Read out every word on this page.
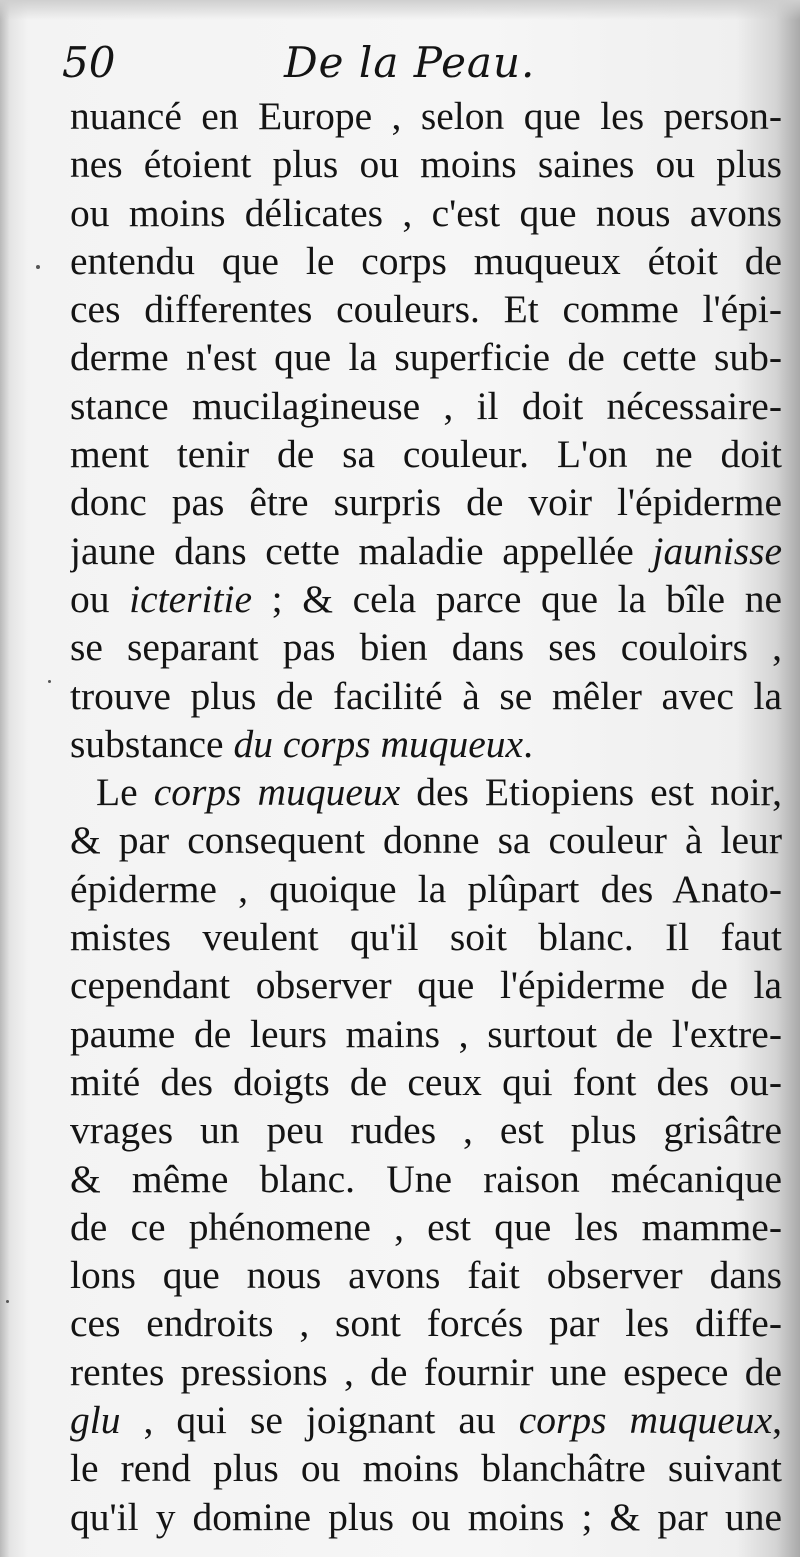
50	De la Peau.
nuancé en Europe , selon que les person-
nes étoient plus ou moins saines ou plus
ou moins délicates , c'est que nous avons
entendu que le corps muqueux étoit de
ces differentes couleurs. Et comme l'épi-
derme n'est que la superficie de cette sub-
stance mucilagineuse , il doit nécessaire-
ment tenir de sa couleur. L'on ne doit
donc pas être surpris de voir l'épiderme
jaune dans cette maladie appellée jaunisse
ou icteritie ; & cela parce que la bîle ne
se separant pas bien dans ses couloirs ,
trouve plus de facilité à se mêler avec la
substance du corps muqueux.
Le corps muqueux des Etiopiens est noir,
& par consequent donne sa couleur à leur
épiderme , quoique la plûpart des Anato-
mistes veulent qu'il soit blanc. Il faut
cependant observer que l'épiderme de la
paume de leurs mains , surtout de l'extre-
mité des doigts de ceux qui font des ou-
vrages un peu rudes , est plus grisâtre
& même blanc. Une raison mécanique
de ce phénomene , est que les mamme-
lons que nous avons fait observer dans
ces endroits , sont forcés par les diffe-
rentes pressions , de fournir une espece de
glu , qui se joignant au corps muqueux,
le rend plus ou moins blanchâtre suivant
qu'il y domine plus ou moins ; & par une
